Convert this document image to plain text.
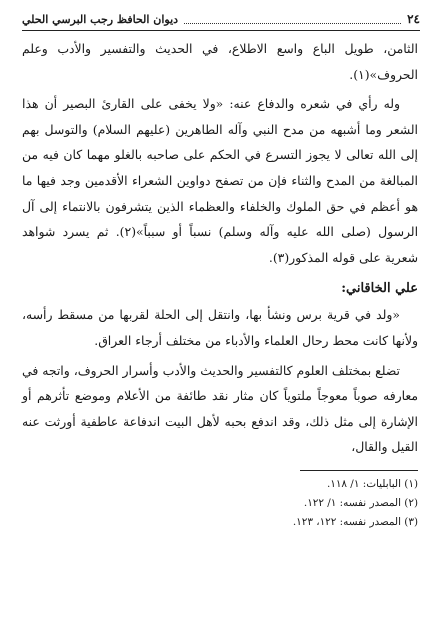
٢٤
ديوان الحافظ رجب البرسي الحلي

الثامن، طويل الباع واسع الاطلاع، في الحديث والتفسير والأدب وعلم الحروف»(١).

وله رأي في شعره والدفاع عنه: «ولا يخفى على القارئ البصير أن هذا الشعر وما أشبهه من مدح النبي وآله الطاهرين (عليهم السلام) والتوسل بهم إلى الله تعالى لا يجوز التسرع في الحكم على صاحبه بالغلو مهما كان فيه من المبالغة من المدح والثناء فإن من تصفح دواوين الشعراء الأقدمين وجد فيها ما هو أعظم في حق الملوك والخلفاء والعظماء الذين يتشرفون بالانتماء إلى آل الرسول (صلى الله عليه وآله وسلم) نسباً أو سبباً»(٢). ثم يسرد شواهد شعرية على قوله المذكور(٣).

علي الخاقاني:

«ولد في قرية برس ونشأ بها، وانتقل إلى الحلة لقربها من مسقط رأسه، ولأنها كانت محط رحال العلماء والأدباء من مختلف أرجاء العراق.

تضلع بمختلف العلوم كالتفسير والحديث والأدب وأسرار الحروف، واتجه في معارفه صوباً معوجاً ملتوياً كان مثار نقد طائفة من الأعلام وموضع تأثرهم أو الإشارة إلى مثل ذلك، وقد اندفع بحبه لأهل البيت اندفاعة عاطفية أورثت عنه القيل والقال،

(١) البابليات: ١/ ١١٨.
(٢) المصدر نفسه: ١/ ١٢٢.
(٣) المصدر نفسه: ١٢٢، ١٢٣.
